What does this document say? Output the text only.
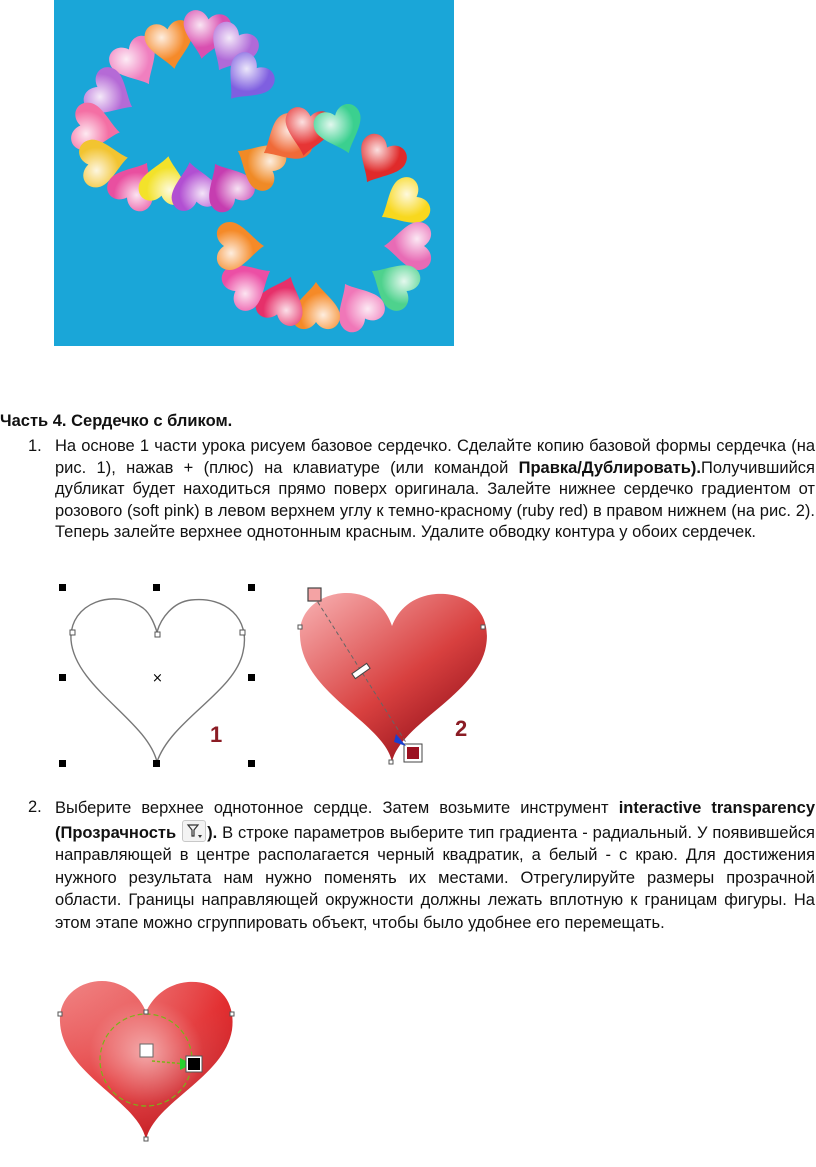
Часть 4. Сердечко с бликом.
1. На основе 1 части урока рисуем базовое сердечко. Сделайте копию базовой формы сердечка (на рис. 1), нажав + (плюс) на клавиатуре (или командой Правка/Дублировать).Получившийся дубликат будет находиться прямо поверх оригинала. Залейте нижнее сердечко градиентом от розового (soft pink) в левом верхнем углу к темно-красному (ruby red) в правом нижнем (на рис. 2). Теперь залейте верхнее однотонным красным. Удалите обводку контура у обоих сердечек.
×
1	2
2. Выберите верхнее однотонное сердце. Затем возьмите инструмент interactive transparency (Прозрачность ). В строке параметров выберите тип градиента - радиальный. У появившейся направляющей в центре располагается черный квадратик, а белый - с краю. Для достижения нужного результата нам нужно поменять их местами. Отрегулируйте размеры прозрачной области. Границы направляющей окружности должны лежать вплотную к границам фигуры. На этом этапе можно сгруппировать объект, чтобы было удобнее его перемещать.
